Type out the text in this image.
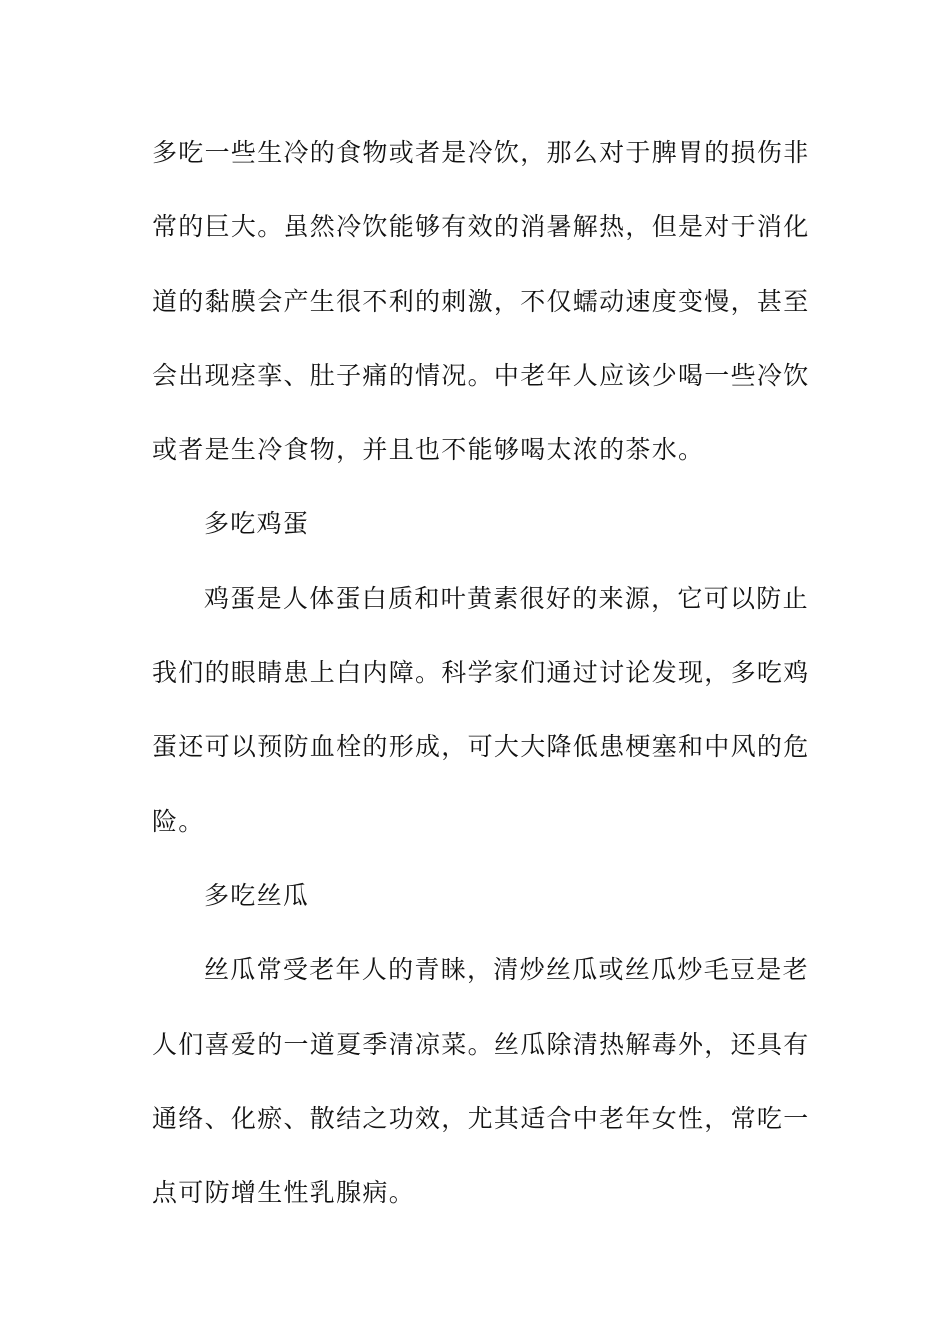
多吃一些生冷的食物或者是冷饮，那么对于脾胃的损伤非
常的巨大。虽然冷饮能够有效的消暑解热，但是对于消化
道的黏膜会产生很不利的刺激，不仅蠕动速度变慢，甚至
会出现痉挛、肚子痛的情况。中老年人应该少喝一些冷饮
或者是生冷食物，并且也不能够喝太浓的茶水。
多吃鸡蛋
鸡蛋是人体蛋白质和叶黄素很好的来源，它可以防止
我们的眼睛患上白内障。科学家们通过讨论发现，多吃鸡
蛋还可以预防血栓的形成，可大大降低患梗塞和中风的危
险。
多吃丝瓜
丝瓜常受老年人的青睐，清炒丝瓜或丝瓜炒毛豆是老
人们喜爱的一道夏季清凉菜。丝瓜除清热解毒外，还具有
通络、化瘀、散结之功效，尤其适合中老年女性，常吃一
点可防增生性乳腺病。
